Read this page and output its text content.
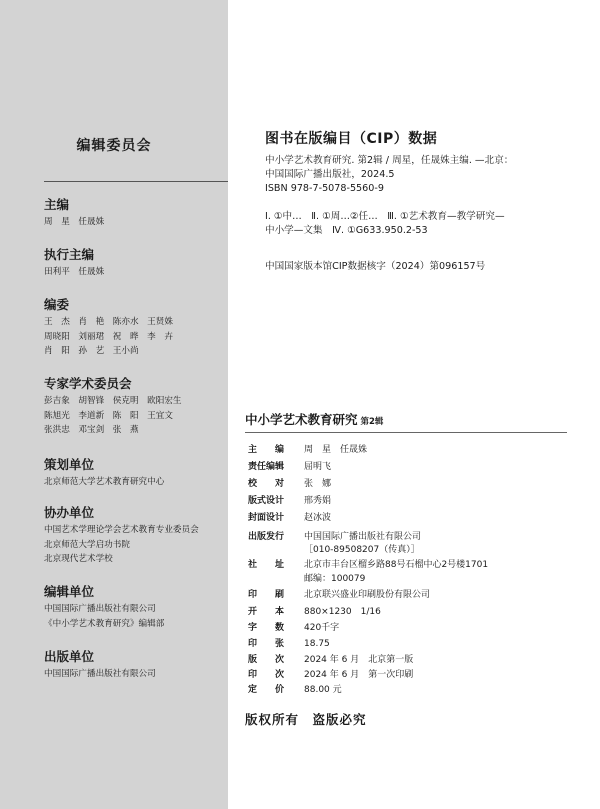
编辑委员会
主编
周　星　任晟姝
执行主编
田利平　任晟姝
编委
王　杰　肖　艳　陈亦水　王贤姝
周晓阳　刘丽珺　祝　晔　李　卉
肖　阳　孙　艺　王小尚
专家学术委员会
彭吉象　胡智锋　侯克明　欧阳宏生
陈旭光　李道新　陈　阳　王宜文
张洪忠　邓宝剑　张　燕
策划单位
北京师范大学艺术教育研究中心
协办单位
中国艺术学理论学会艺术教育专业委员会
北京师范大学启功书院
北京现代艺术学校
编辑单位
中国国际广播出版社有限公司
《中小学艺术教育研究》编辑部
出版单位
中国国际广播出版社有限公司
图书在版编目（CIP）数据
中小学艺术教育研究. 第2辑 / 周星，任晟姝主编. —北京：
中国国际广播出版社，2024.5
ISBN 978-7-5078-5560-9
Ⅰ. ①中…　Ⅱ. ①周…②任…　Ⅲ. ①艺术教育—教学研究—
中小学—文集　Ⅳ. ①G633.950.2-53
中国国家版本馆CIP数据核字（2024）第096157号
中小学艺术教育研究 第2辑
主　　编 周　星　任晟姝
责任编辑 屈明飞
校　　对 张　娜
版式设计 邢秀娟
封面设计 赵冰波
出版发行 中国国际广播出版社有限公司
［010-89508207（传真）］
社　　址 北京市丰台区榴乡路88号石榴中心2号楼1701
邮编：100079
印　　刷 北京联兴盛业印刷股份有限公司
开　　本 880×1230　1/16
字　　数 420千字
印　　张 18.75
版　　次 2024 年 6 月　北京第一版
印　　次 2024 年 6 月　第一次印刷
定　　价 88.00 元
版权所有　盗版必究
